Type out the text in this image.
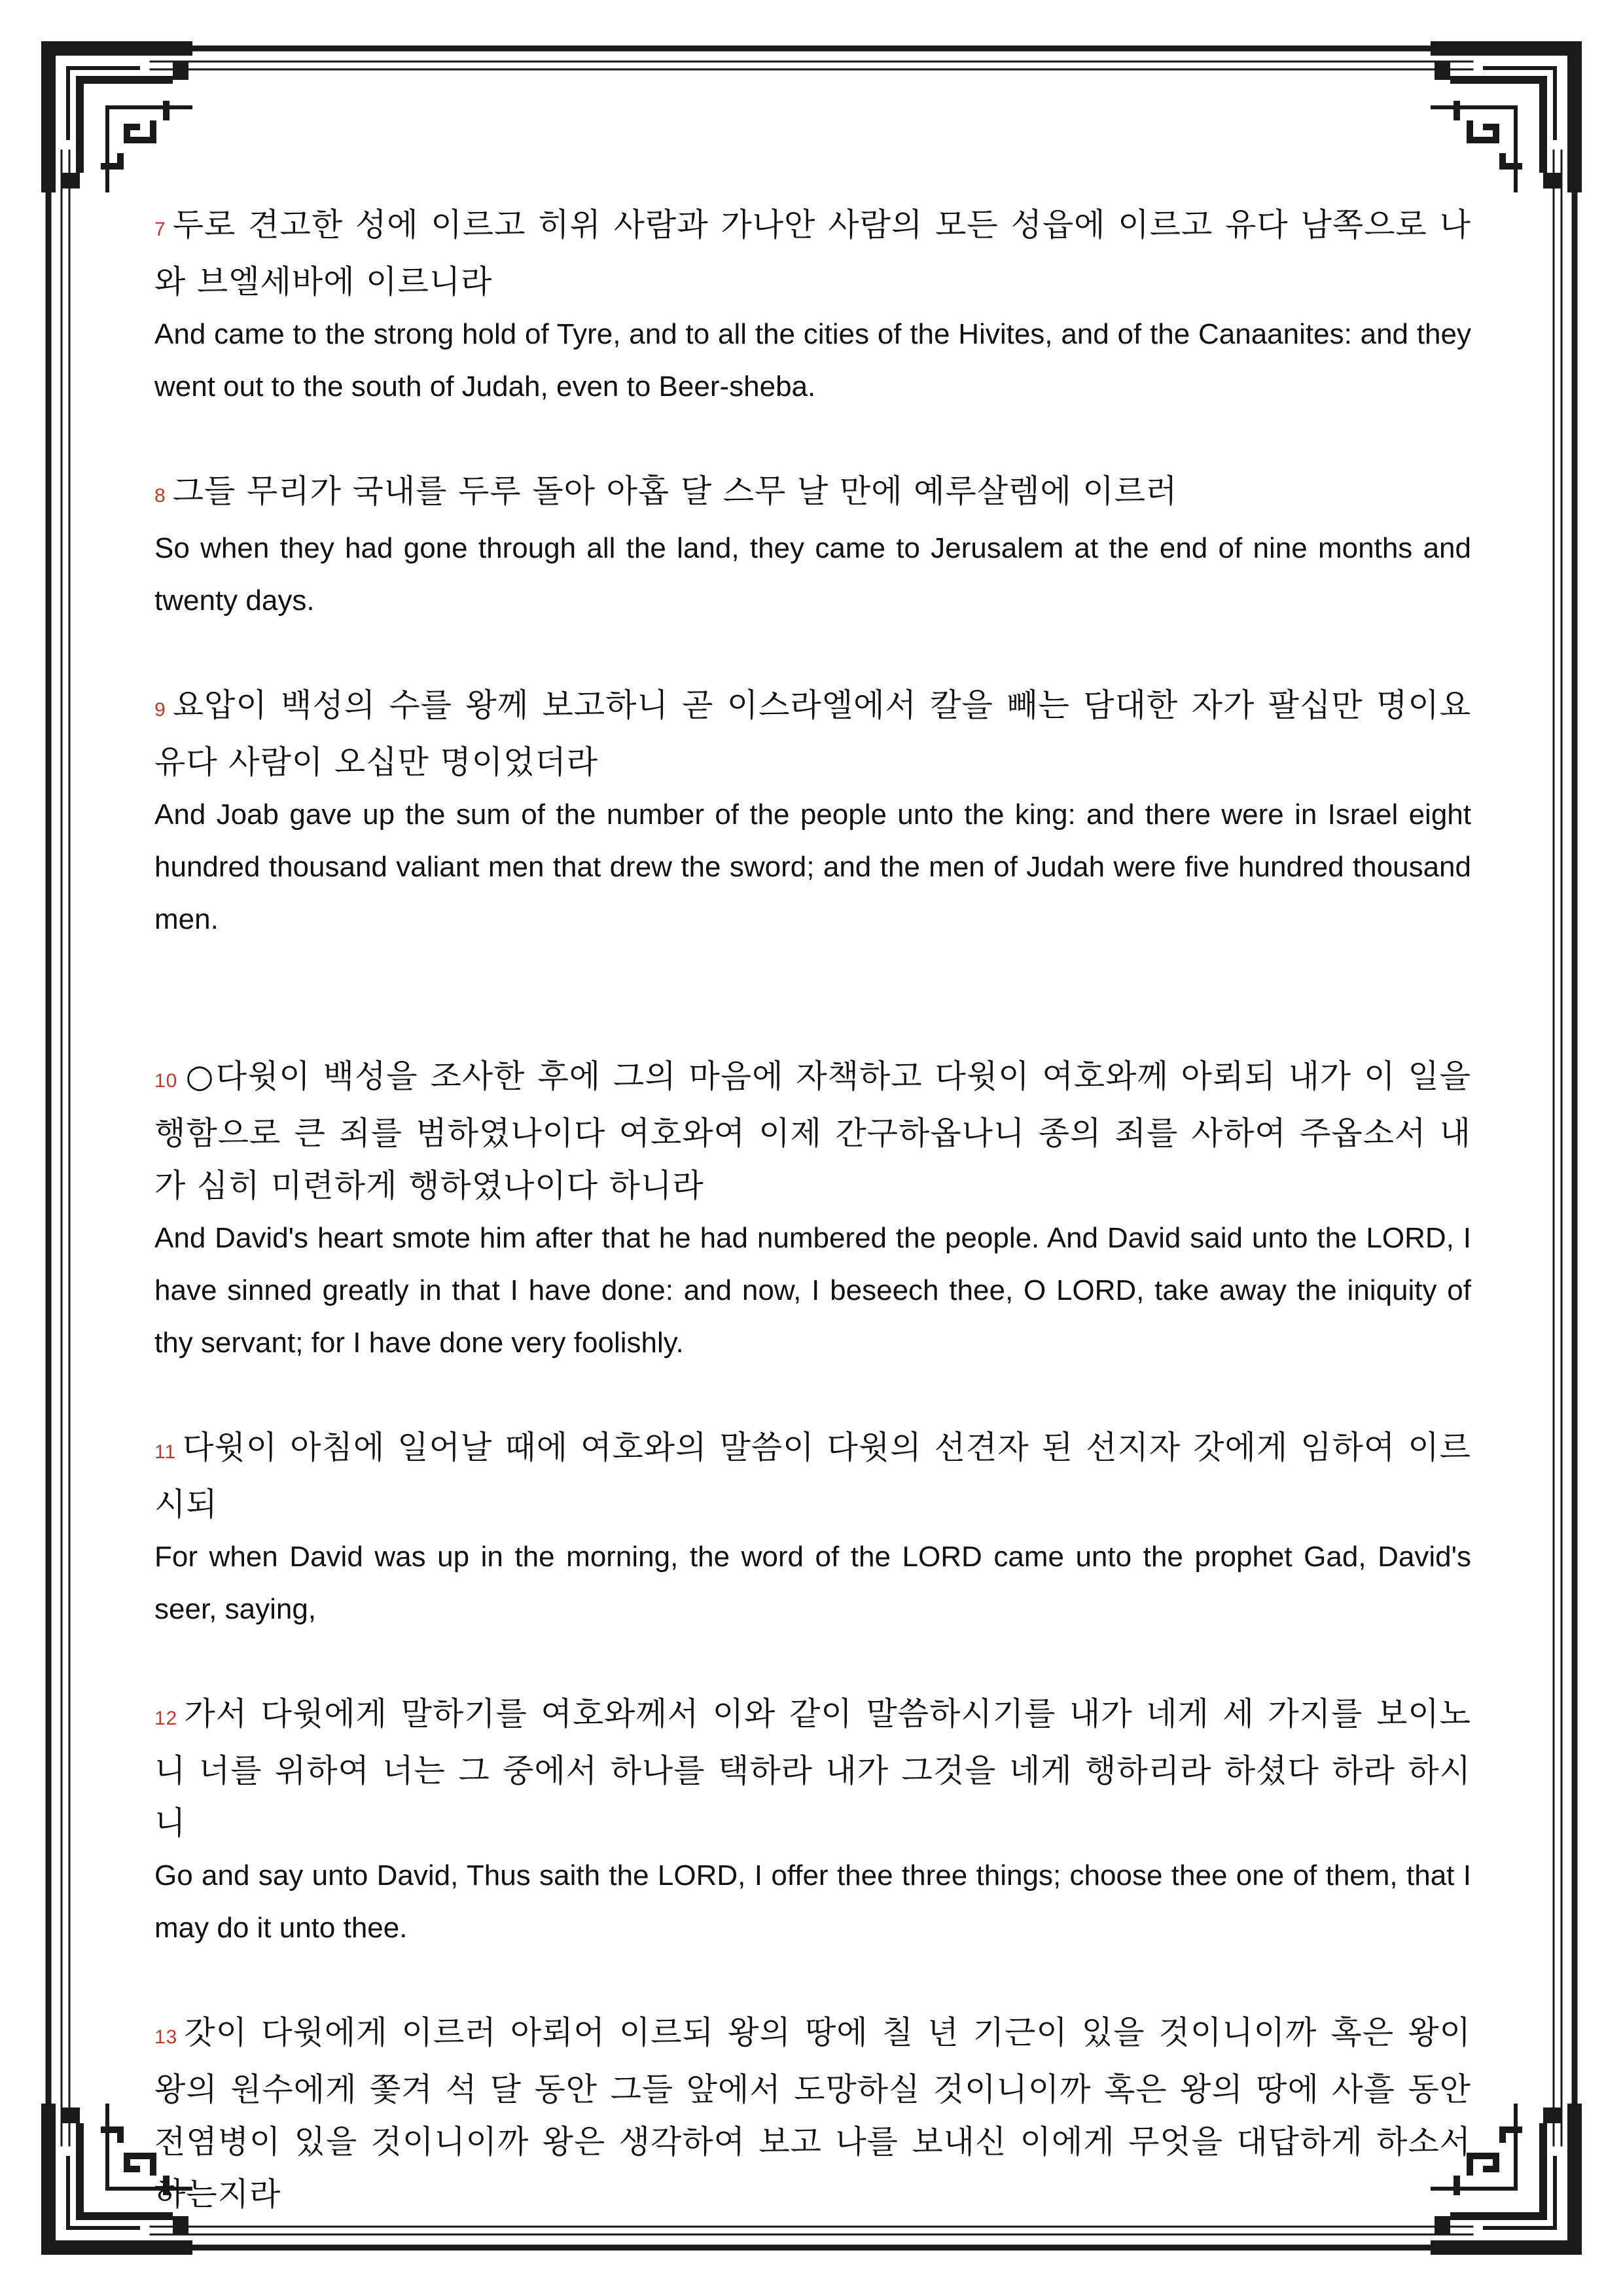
7 두로 견고한 성에 이르고 히위 사람과 가나안 사람의 모든 성읍에 이르고 유다 남쪽으로 나와 브엘세바에 이르니라

And came to the strong hold of Tyre, and to all the cities of the Hivites, and of the Canaanites: and they went out to the south of Judah, even to Beer-sheba.

8 그들 무리가 국내를 두루 돌아 아홉 달 스무 날 만에 예루살렘에 이르러

So when they had gone through all the land, they came to Jerusalem at the end of nine months and twenty days.

9 요압이 백성의 수를 왕께 보고하니 곧 이스라엘에서 칼을 빼는 담대한 자가 팔십만 명이요 유다 사람이 오십만 명이었더라

And Joab gave up the sum of the number of the people unto the king: and there were in Israel eight hundred thousand valiant men that drew the sword; and the men of Judah were five hundred thousand men.

10 ○다윗이 백성을 조사한 후에 그의 마음에 자책하고 다윗이 여호와께 아뢰되 내가 이 일을 행함으로 큰 죄를 범하였나이다 여호와여 이제 간구하옵나니 종의 죄를 사하여 주옵소서 내가 심히 미련하게 행하였나이다 하니라

And David's heart smote him after that he had numbered the people. And David said unto the LORD, I have sinned greatly in that I have done: and now, I beseech thee, O LORD, take away the iniquity of thy servant; for I have done very foolishly.

11 다윗이 아침에 일어날 때에 여호와의 말씀이 다윗의 선견자 된 선지자 갓에게 임하여 이르시되

For when David was up in the morning, the word of the LORD came unto the prophet Gad, David's seer, saying,

12 가서 다윗에게 말하기를 여호와께서 이와 같이 말씀하시기를 내가 네게 세 가지를 보이노니 너를 위하여 너는 그 중에서 하나를 택하라 내가 그것을 네게 행하리라 하셨다 하라 하시니

Go and say unto David, Thus saith the LORD, I offer thee three things; choose thee one of them, that I may do it unto thee.

13 갓이 다윗에게 이르러 아뢰어 이르되 왕의 땅에 칠 년 기근이 있을 것이니이까 혹은 왕이 왕의 원수에게 쫓겨 석 달 동안 그들 앞에서 도망하실 것이니이까 혹은 왕의 땅에 사흘 동안 전염병이 있을 것이니이까 왕은 생각하여 보고 나를 보내신 이에게 무엇을 대답하게 하소서 하는지라
